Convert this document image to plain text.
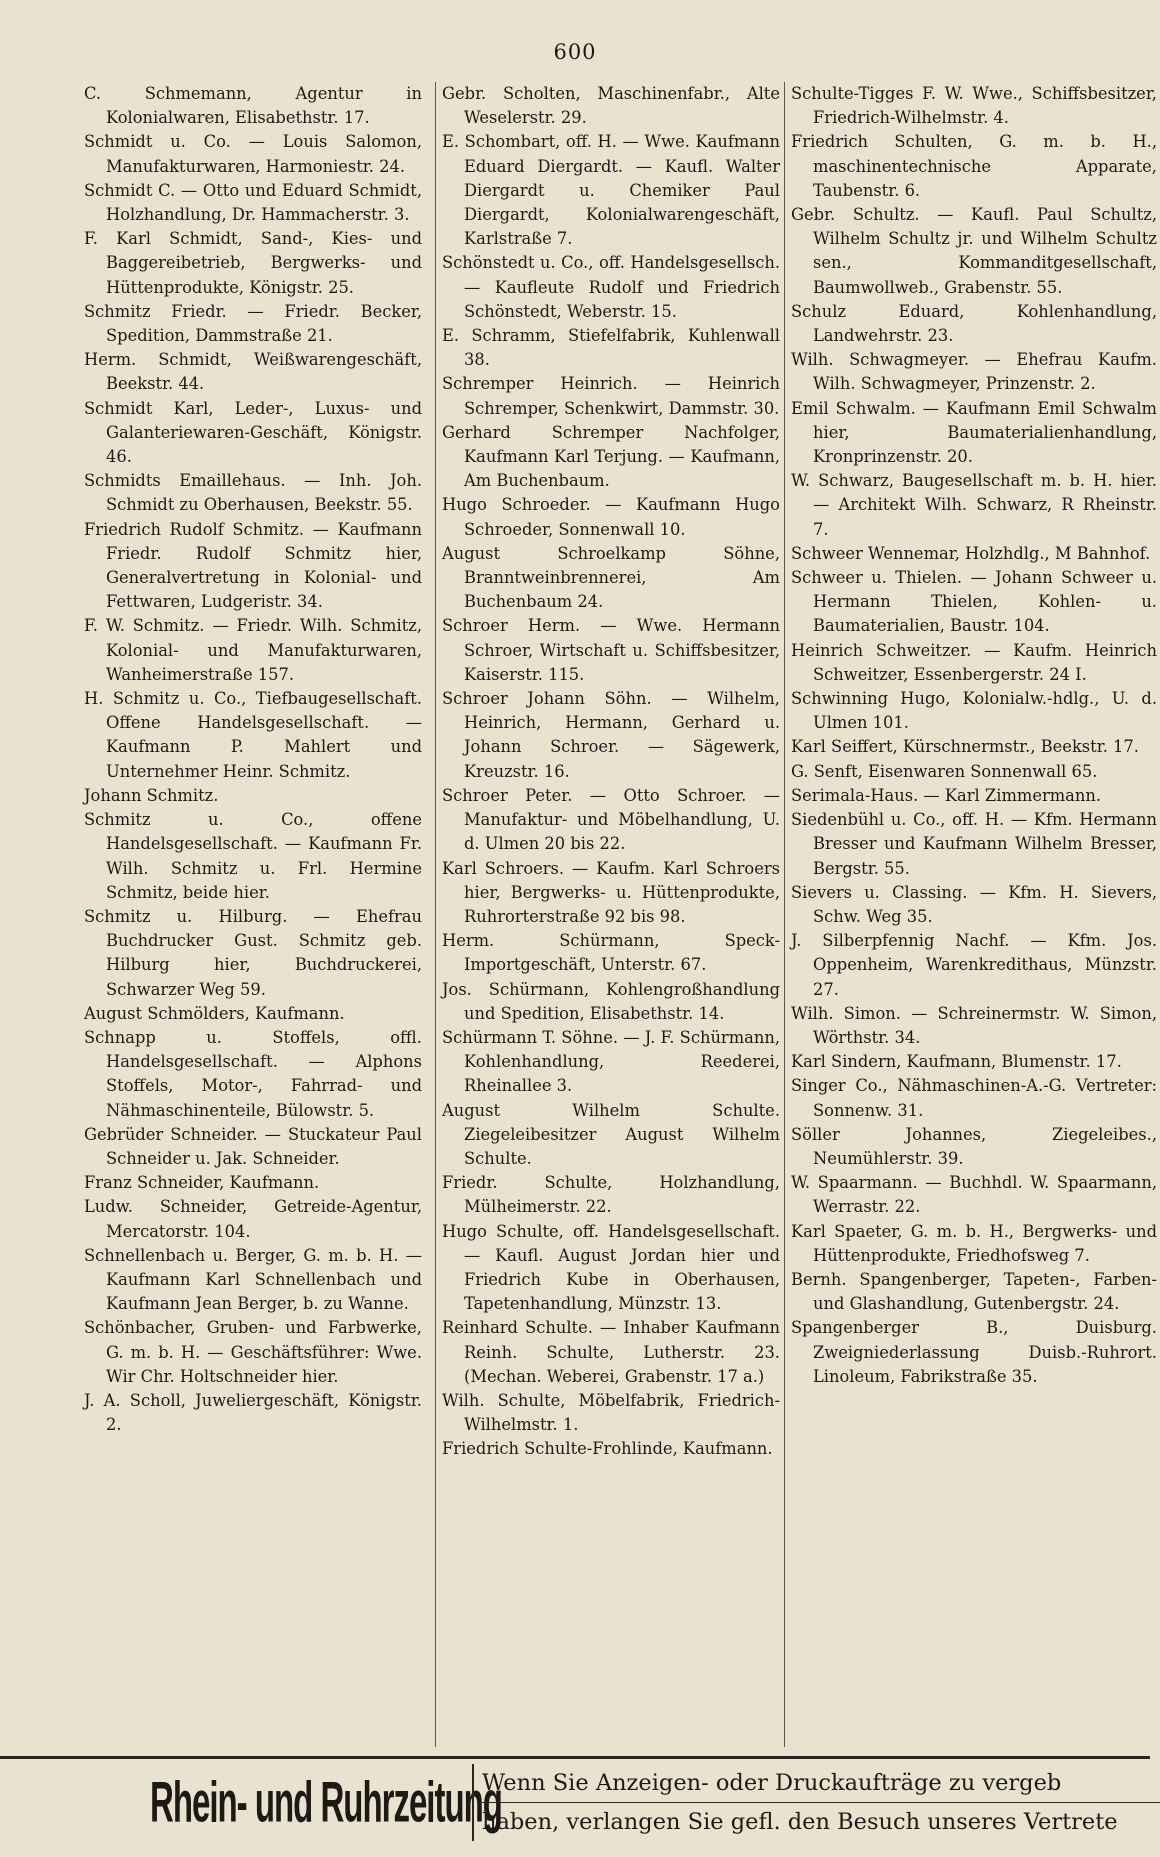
600

C. Schmemann, Agentur in Kolonialwaren, Elisabethstr. 17.

Schmidt u. Co. — Louis Salomon, Manufakturwaren, Harmoniestr. 24.

Schmidt C. — Otto und Eduard Schmidt, Holzhandlung, Dr. Hammacherstr. 3.

F. Karl Schmidt, Sand-, Kies- und Baggereibetrieb, Bergwerks- und Hüttenprodukte, Königstr. 25.

Schmitz Friedr. — Friedr. Becker, Spedition, Dammstraße 21.

Herm. Schmidt, Weißwarengeschäft, Beekstr. 44.

Schmidt Karl, Leder-, Luxus- und Galanteriewaren-Geschäft, Königstr. 46.

Schmidts Emaillehaus. — Inh. Joh. Schmidt zu Oberhausen, Beekstr. 55.

Friedrich Rudolf Schmitz. — Kaufmann Friedr. Rudolf Schmitz hier, Generalvertretung in Kolonial- und Fettwaren, Ludgeristr. 34.

F. W. Schmitz. — Friedr. Wilh. Schmitz, Kolonial- und Manufakturwaren, Wanheimerstraße 157.

H. Schmitz u. Co., Tiefbaugesellschaft. Offene Handelsgesellschaft. — Kaufmann P. Mahlert und Unternehmer Heinr. Schmitz.

Johann Schmitz.

Schmitz u. Co., offene Handelsgesellschaft. — Kaufmann Fr. Wilh. Schmitz u. Frl. Hermine Schmitz, beide hier.

Schmitz u. Hilburg. — Ehefrau Buchdrucker Gust. Schmitz geb. Hilburg hier, Buchdruckerei, Schwarzer Weg 59.

August Schmölders, Kaufmann.

Schnapp u. Stoffels, offl. Handelsgesellschaft. — Alphons Stoffels, Motor-, Fahrrad- und Nähmaschinenteile, Bülowstr. 5.

Gebrüder Schneider. — Stuckateur Paul Schneider u. Jak. Schneider.

Franz Schneider, Kaufmann.

Ludw. Schneider, Getreide-Agentur, Mercatorstr. 104.

Schnellenbach u. Berger, G. m. b. H. — Kaufmann Karl Schnellenbach und Kaufmann Jean Berger, b. zu Wanne.

Schönbacher, Gruben- und Farbwerke, G. m. b. H. — Geschäftsführer: Wwe. Wir Chr. Holtschneider hier.

J. A. Scholl, Juweliergeschäft, Königstr. 2.

Gebr. Scholten, Maschinenfabr., Alte Weselerstr. 29.

E. Schombart, off. H. — Wwe. Kaufmann Eduard Diergardt. — Kaufl. Walter Diergardt u. Chemiker Paul Diergardt, Kolonialwarengeschäft, Karlstraße 7.

Schönstedt u. Co., off. Handelsgesellsch. — Kaufleute Rudolf und Friedrich Schönstedt, Weberstr. 15.

E. Schramm, Stiefelfabrik, Kuhlenwall 38.

Schremper Heinrich. — Heinrich Schremper, Schenkwirt, Dammstr. 30.

Gerhard Schremper Nachfolger, Kaufmann Karl Terjung. — Kaufmann, Am Buchenbaum.

Hugo Schroeder. — Kaufmann Hugo Schroeder, Sonnenwall 10.

August Schroelkamp Söhne, Branntweinbrennerei, Am Buchenbaum 24.

Schroer Herm. — Wwe. Hermann Schroer, Wirtschaft u. Schiffsbesitzer, Kaiserstr. 115.

Schroer Johann Söhn. — Wilhelm, Heinrich, Hermann, Gerhard u. Johann Schroer. — Sägewerk, Kreuzstr. 16.

Schroer Peter. — Otto Schroer. — Manufaktur- und Möbelhandlung, U. d. Ulmen 20 bis 22.

Karl Schroers. — Kaufm. Karl Schroers hier, Bergwerks- u. Hüttenprodukte, Ruhrorterstraße 92 bis 98.

Herm. Schürmann, Speck-Importgeschäft, Unterstr. 67.

Jos. Schürmann, Kohlengroßhandlung und Spedition, Elisabethstr. 14.

Schürmann T. Söhne. — J. F. Schürmann, Kohlenhandlung, Reederei, Rheinallee 3.

August Wilhelm Schulte. Ziegeleibesitzer August Wilhelm Schulte.

Friedr. Schulte, Holzhandlung, Mülheimerstr. 22.

Hugo Schulte, off. Handelsgesellschaft. — Kaufl. August Jordan hier und Friedrich Kube in Oberhausen, Tapetenhandlung, Münzstr. 13.

Reinhard Schulte. — Inhaber Kaufmann Reinh. Schulte, Lutherstr. 23. (Mechan. Weberei, Grabenstr. 17 a.)

Wilh. Schulte, Möbelfabrik, Friedrich-Wilhelmstr. 1.

Friedrich Schulte-Frohlinde, Kaufmann.

Schulte-Tigges F. W. Wwe., Schiffsbesitzer, Friedrich-Wilhelmstr. 4.

Friedrich Schulten, G. m. b. H., maschinentechnische Apparate, Taubenstr. 6.

Gebr. Schultz. — Kaufl. Paul Schultz, Wilhelm Schultz jr. und Wilhelm Schultz sen., Kommanditgesellschaft, Baumwollweb., Grabenstr. 55.

Schulz Eduard, Kohlenhandlung, Landwehrstr. 23.

Wilh. Schwagmeyer. — Ehefrau Kaufm. Wilh. Schwagmeyer, Prinzenstr. 2.

Emil Schwalm. — Kaufmann Emil Schwalm hier, Baumaterialienhandlung, Kronprinzenstr. 20.

W. Schwarz, Baugesellschaft m. b. H. hier. — Architekt Wilh. Schwarz, R Rheinstr. 7.

Schweer Wennemar, Holzhdlg., M Bahnhof.

Schweer u. Thielen. — Johann Schweer u. Hermann Thielen, Kohlen- u. Baumaterialien, Baustr. 104.

Heinrich Schweitzer. — Kaufm. Heinrich Schweitzer, Essenbergerstr. 24 I.

Schwinning Hugo, Kolonialw.-hdlg., U. d. Ulmen 101.

Karl Seiffert, Kürschnermstr., Beekstr. 17.

G. Senft, Eisenwaren Sonnenwall 65.

Serimala-Haus. — Karl Zimmermann.

Siedenbühl u. Co., off. H. — Kfm. Hermann Bresser und Kaufmann Wilhelm Bresser, Bergstr. 55.

Sievers u. Classing. — Kfm. H. Sievers, Schw. Weg 35.

J. Silberpfennig Nachf. — Kfm. Jos. Oppenheim, Warenkredithaus, Münzstr. 27.

Wilh. Simon. — Schreinermstr. W. Simon, Wörthstr. 34.

Karl Sindern, Kaufmann, Blumenstr. 17.

Singer Co., Nähmaschinen-A.-G. Vertreter: Sonnenw. 31.

Söller Johannes, Ziegeleibes., Neumühlerstr. 39.

W. Spaarmann. — Buchhdl. W. Spaarmann, Werrastr. 22.

Karl Spaeter, G. m. b. H., Bergwerks- und Hüttenprodukte, Friedhofsweg 7.

Bernh. Spangenberger, Tapeten-, Farben- und Glashandlung, Gutenbergstr. 24.

Spangenberger B., Duisburg. Zweigniederlassung Duisb.-Ruhrort. Linoleum, Fabrikstraße 35.

Rhein- und Ruhrzeitung
Wenn Sie Anzeigen- oder Druckaufträge zu vergeb
haben, verlangen Sie gefl. den Besuch unseres Vertrete
